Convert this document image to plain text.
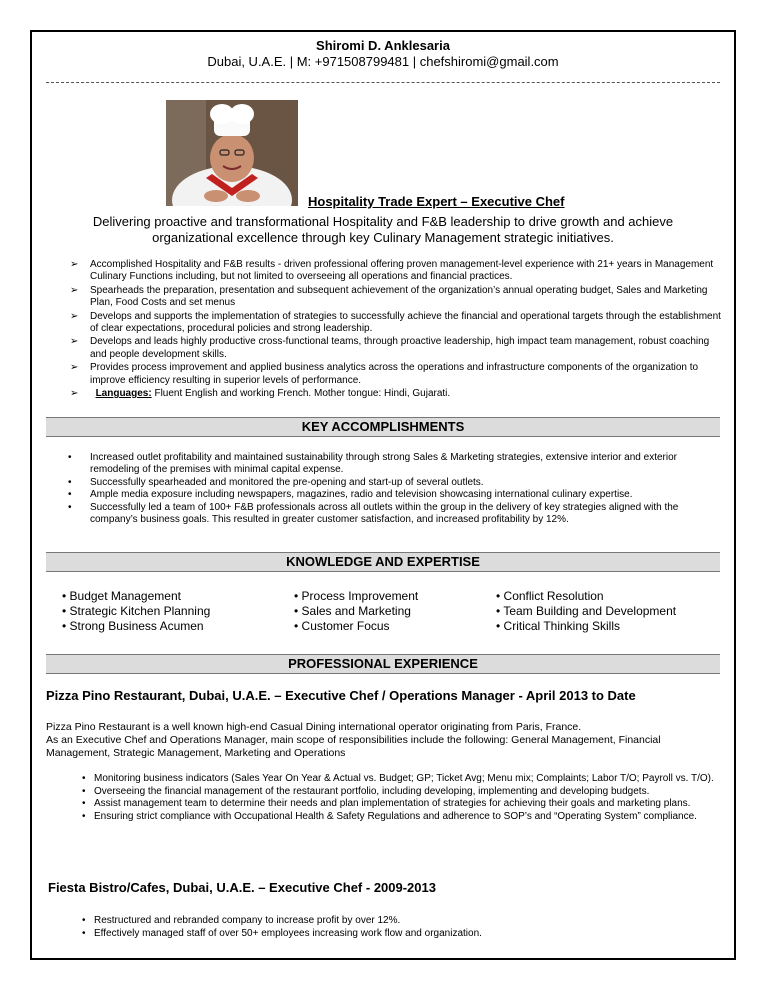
Shiromi D. Anklesaria
Dubai, U.A.E. | M: +971508799481 | chefshiromi@gmail.com
Hospitality Trade Expert – Executive Chef
Delivering proactive and transformational Hospitality and F&B leadership to drive growth and achieve organizational excellence through key Culinary Management strategic initiatives.
➢ Accomplished Hospitality and F&B results - driven professional offering proven management-level experience with 21+ years in Management Culinary Functions including, but not limited to overseeing all operations and financial practices.
➢ Spearheads the preparation, presentation and subsequent achievement of the organization’s annual operating budget, Sales and Marketing Plan, Food Costs and set menus
➢ Develops and supports the implementation of strategies to successfully achieve the financial and operational targets through the establishment of clear expectations, procedural policies and strong leadership.
➢ Develops and leads highly productive cross-functional teams, through proactive leadership, high impact team management, robust coaching and people development skills.
➢ Provides process improvement and applied business analytics across the operations and infrastructure components of the organization to improve efficiency resulting in superior levels of performance.
➢ Languages: Fluent English and working French. Mother tongue: Hindi, Gujarati.
KEY ACCOMPLISHMENTS
• Increased outlet profitability and maintained sustainability through strong Sales & Marketing strategies, extensive interior and exterior remodeling of the premises with minimal capital expense.
• Successfully spearheaded and monitored the pre-opening and start-up of several outlets.
• Ample media exposure including newspapers, magazines, radio and television showcasing international culinary expertise.
• Successfully led a team of 100+ F&B professionals across all outlets within the group in the delivery of key strategies aligned with the company’s business goals. This resulted in greater customer satisfaction, and increased profitability by 12%.
KNOWLEDGE AND EXPERTISE
• Budget Management
• Strategic Kitchen Planning
• Strong Business Acumen
• Process Improvement
• Sales and Marketing
• Customer Focus
• Conflict Resolution
• Team Building and Development
• Critical Thinking Skills
PROFESSIONAL EXPERIENCE
Pizza Pino Restaurant, Dubai, U.A.E. – Executive Chef / Operations Manager - April 2013 to Date
Pizza Pino Restaurant is a well known high-end Casual Dining international operator originating from Paris, France.
As an Executive Chef and Operations Manager, main scope of responsibilities include the following: General Management, Financial Management, Strategic Management, Marketing and Operations
• Monitoring business indicators (Sales Year On Year & Actual vs. Budget; GP; Ticket Avg; Menu mix; Complaints; Labor T/O; Payroll vs. T/O).
• Overseeing the financial management of the restaurant portfolio, including developing, implementing and developing budgets.
• Assist management team to determine their needs and plan implementation of strategies for achieving their goals and marketing plans.
• Ensuring strict compliance with Occupational Health & Safety Regulations and adherence to SOP’s and “Operating System” compliance.
Fiesta Bistro/Cafes, Dubai, U.A.E. – Executive Chef - 2009-2013
• Restructured and rebranded company to increase profit by over 12%.
• Effectively managed staff of over 50+ employees increasing work flow and organization.
